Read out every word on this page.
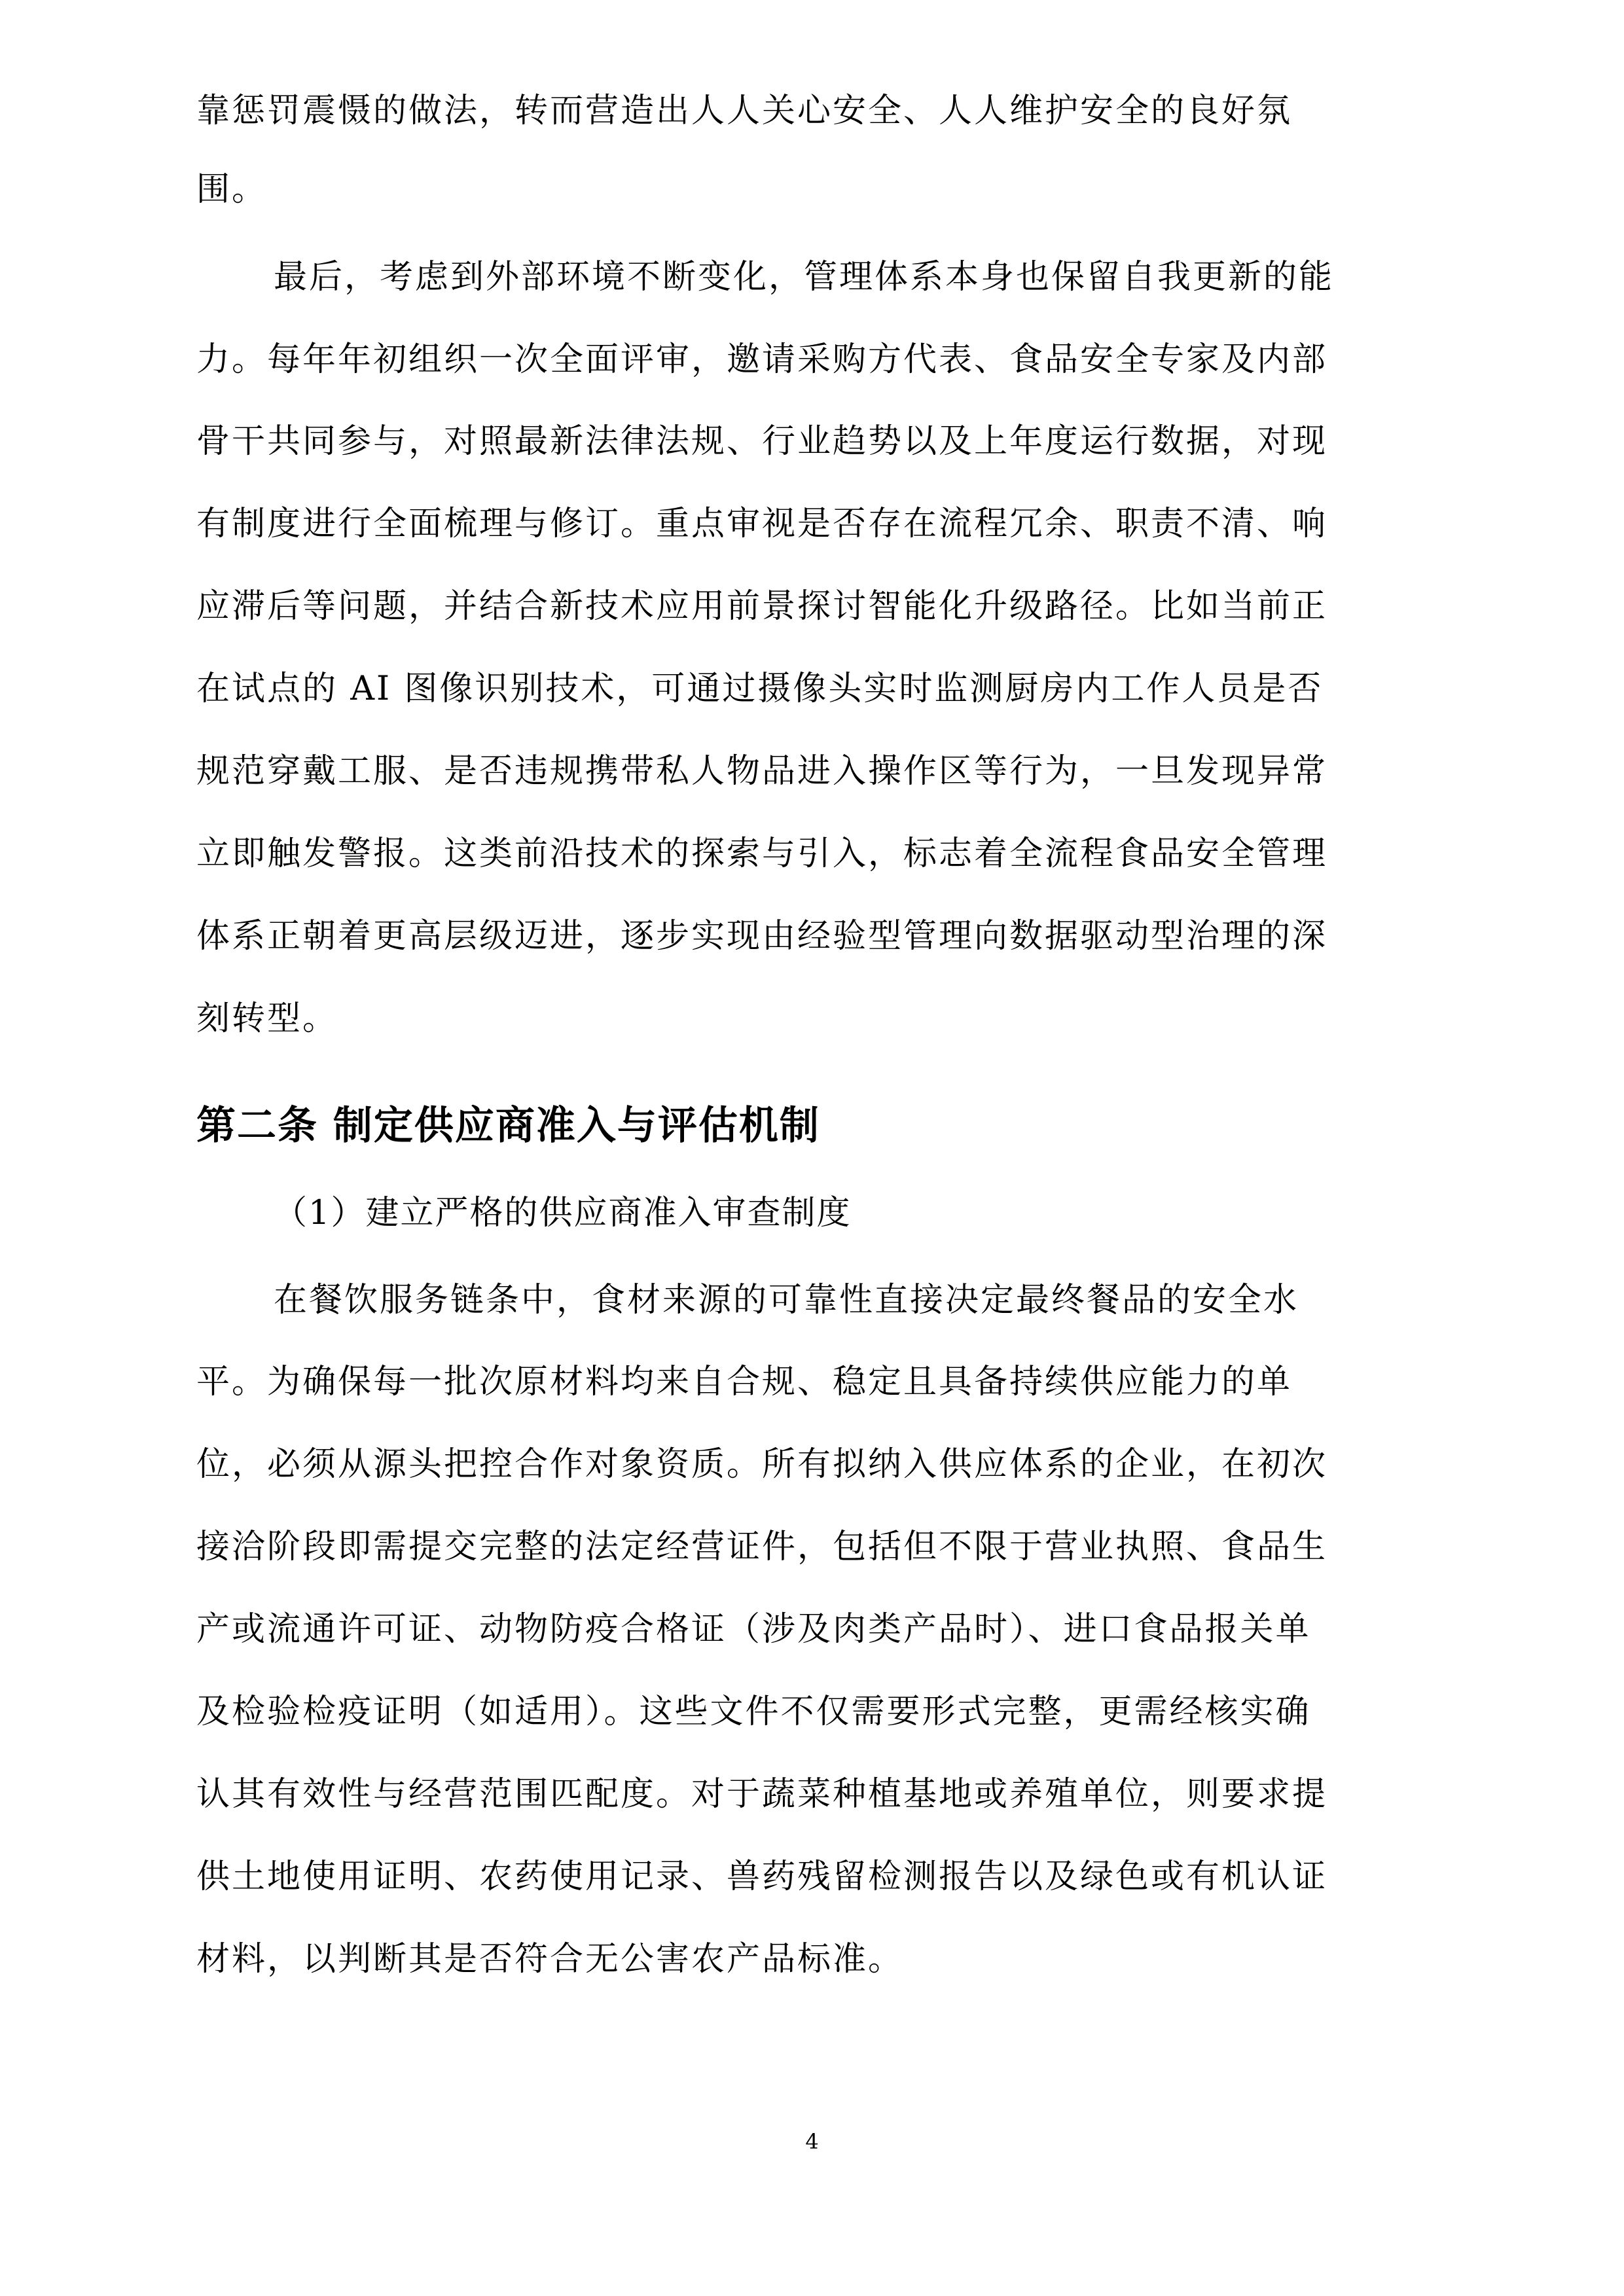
靠惩罚震慑的做法，转而营造出人人关心安全、人人维护安全的良好氛
围。
最后，考虑到外部环境不断变化，管理体系本身也保留自我更新的能
力。每年年初组织一次全面评审，邀请采购方代表、食品安全专家及内部
骨干共同参与，对照最新法律法规、行业趋势以及上年度运行数据，对现
有制度进行全面梳理与修订。重点审视是否存在流程冗余、职责不清、响
应滞后等问题，并结合新技术应用前景探讨智能化升级路径。比如当前正
在试点的 AI 图像识别技术，可通过摄像头实时监测厨房内工作人员是否
规范穿戴工服、是否违规携带私人物品进入操作区等行为，一旦发现异常
立即触发警报。这类前沿技术的探索与引入，标志着全流程食品安全管理
体系正朝着更高层级迈进，逐步实现由经验型管理向数据驱动型治理的深
刻转型。
第二条 制定供应商准入与评估机制
（1）建立严格的供应商准入审查制度
在餐饮服务链条中，食材来源的可靠性直接决定最终餐品的安全水
平。为确保每一批次原材料均来自合规、稳定且具备持续供应能力的单
位，必须从源头把控合作对象资质。所有拟纳入供应体系的企业，在初次
接洽阶段即需提交完整的法定经营证件，包括但不限于营业执照、食品生
产或流通许可证、动物防疫合格证（涉及肉类产品时）、进口食品报关单
及检验检疫证明（如适用）。这些文件不仅需要形式完整，更需经核实确
认其有效性与经营范围匹配度。对于蔬菜种植基地或养殖单位，则要求提
供土地使用证明、农药使用记录、兽药残留检测报告以及绿色或有机认证
材料，以判断其是否符合无公害农产品标准。
4
